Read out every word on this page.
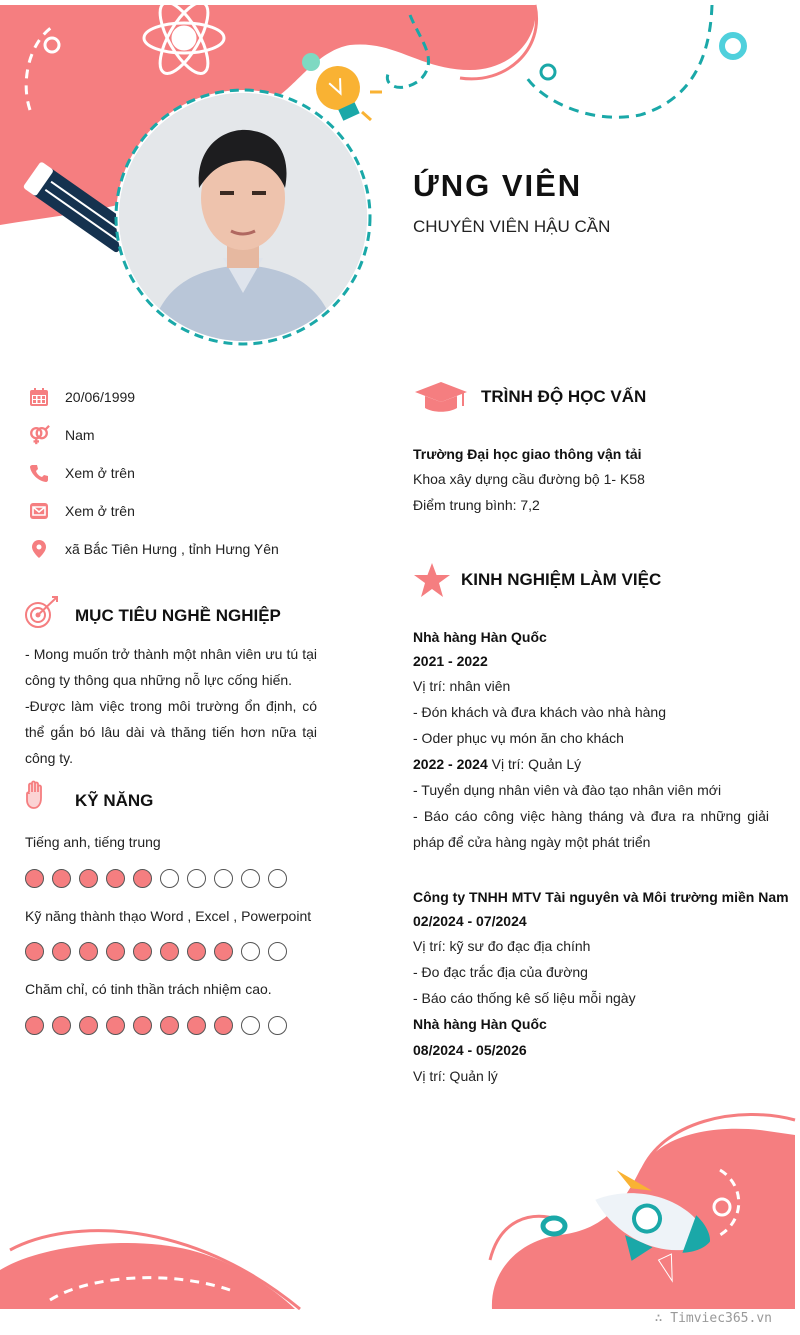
ỨNG VIÊN
CHUYÊN VIÊN HẬU CẦN
20/06/1999
Nam
Xem ở trên
Xem ở trên
xã Bắc Tiên Hưng , tỉnh Hưng Yên
MỤC TIÊU NGHỀ NGHIỆP
- Mong muốn trở thành một nhân viên ưu tú tại công ty thông qua những nỗ lực cống hiến.
-Được làm việc trong môi trường ổn định, có thể gắn bó lâu dài và thăng tiến hơn nữa tại công ty.
KỸ NĂNG
Tiếng anh, tiếng trung
Kỹ năng thành thạo Word , Excel , Powerpoint
Chăm chỉ, có tinh thần trách nhiệm cao.
TRÌNH ĐỘ HỌC VẤN
Trường Đại học giao thông vận tải
Khoa xây dựng cầu đường bộ 1- K58
Điểm trung bình: 7,2
KINH NGHIỆM LÀM VIỆC
Nhà hàng Hàn Quốc
2021 - 2022
Vị trí: nhân viên
- Đón khách và đưa khách vào nhà hàng
- Oder phục vụ món ăn cho khách
2022 - 2024 Vị trí: Quản Lý
- Tuyển dụng nhân viên và đào tạo nhân viên mới
- Báo cáo công việc hàng tháng và đưa ra những giải pháp để cửa hàng ngày một phát triển
Công ty TNHH MTV Tài nguyên và Môi trường miền Nam
02/2024 - 07/2024
Vị trí: kỹ sư đo đạc địa chính
- Đo đạc trắc địa của đường
- Báo cáo thống kê số liệu mỗi ngày
Nhà hàng Hàn Quốc
08/2024 - 05/2026
Vị trí: Quản lý
∴ Timviec365.vn
